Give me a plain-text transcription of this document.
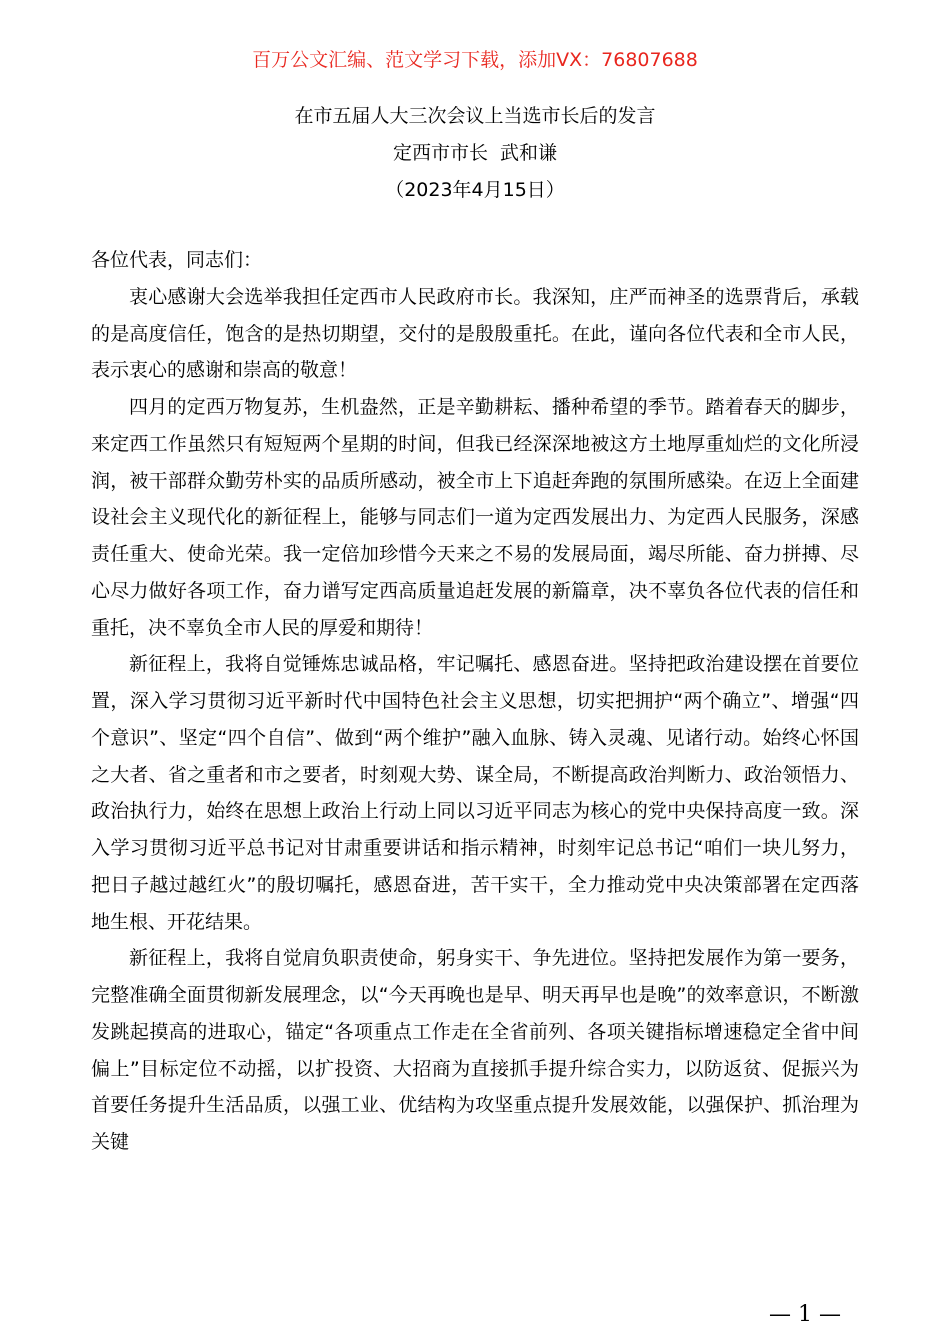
百万公文汇编、范文学习下载，添加VX：76807688
在市五届人大三次会议上当选市长后的发言
定西市市长  武和谦
（2023年4月15日）

各位代表，同志们：

衷心感谢大会选举我担任定西市人民政府市长。我深知，庄严而神圣的选票背后，承载的是高度信任，饱含的是热切期望，交付的是殷殷重托。在此，谨向各位代表和全市人民，表示衷心的感谢和崇高的敬意！

四月的定西万物复苏，生机盎然，正是辛勤耕耘、播种希望的季节。踏着春天的脚步，来定西工作虽然只有短短两个星期的时间，但我已经深深地被这方土地厚重灿烂的文化所浸润，被干部群众勤劳朴实的品质所感动，被全市上下追赶奔跑的氛围所感染。在迈上全面建设社会主义现代化的新征程上，能够与同志们一道为定西发展出力、为定西人民服务，深感责任重大、使命光荣。我一定倍加珍惜今天来之不易的发展局面，竭尽所能、奋力拼搏、尽心尽力做好各项工作，奋力谱写定西高质量追赶发展的新篇章，决不辜负各位代表的信任和重托，决不辜负全市人民的厚爱和期待！

新征程上，我将自觉锤炼忠诚品格，牢记嘱托、感恩奋进。坚持把政治建设摆在首要位置，深入学习贯彻习近平新时代中国特色社会主义思想，切实把拥护“两个确立”、增强“四个意识”、坚定“四个自信”、做到“两个维护”融入血脉、铸入灵魂、见诸行动。始终心怀国之大者、省之重者和市之要者，时刻观大势、谋全局，不断提高政治判断力、政治领悟力、政治执行力，始终在思想上政治上行动上同以习近平同志为核心的党中央保持高度一致。深入学习贯彻习近平总书记对甘肃重要讲话和指示精神，时刻牢记总书记“咱们一块儿努力，把日子越过越红火”的殷切嘱托，感恩奋进，苦干实干，全力推动党中央决策部署在定西落地生根、开花结果。

新征程上，我将自觉肩负职责使命，躬身实干、争先进位。坚持把发展作为第一要务，完整准确全面贯彻新发展理念，以“今天再晚也是早、明天再早也是晚”的效率意识，不断激发跳起摸高的进取心，锚定“各项重点工作走在全省前列、各项关键指标增速稳定全省中间偏上”目标定位不动摇，以扩投资、大招商为直接抓手提升综合实力，以防返贫、促振兴为首要任务提升生活品质，以强工业、优结构为攻坚重点提升发展效能，以强保护、抓治理为关键

— 1 —
